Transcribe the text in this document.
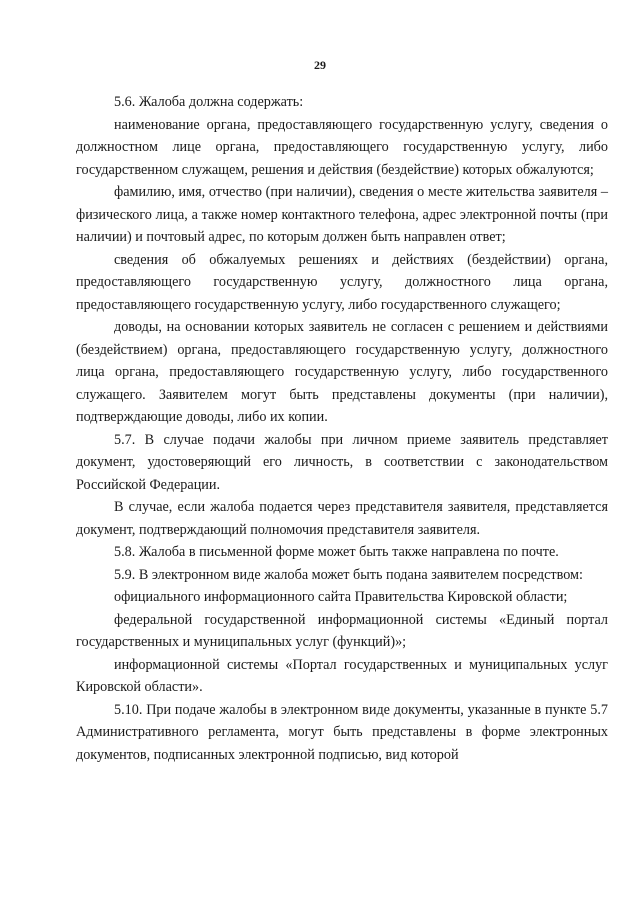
29

5.6. Жалоба должна содержать:

наименование органа, предоставляющего государственную услугу, сведения о должностном лице органа, предоставляющего государственную услугу, либо государственном служащем, решения и действия (бездействие) которых обжалуются;

фамилию, имя, отчество (при наличии), сведения о месте жительства заявителя – физического лица, а также номер контактного телефона, адрес электронной почты (при наличии) и почтовый адрес, по которым должен быть направлен ответ;

сведения об обжалуемых решениях и действиях (бездействии) органа, предоставляющего государственную услугу, должностного лица органа, предоставляющего государственную услугу, либо государственного служащего;

доводы, на основании которых заявитель не согласен с решением и действиями (бездействием) органа, предоставляющего государственную услугу, должностного лица органа, предоставляющего государственную услугу, либо государственного служащего. Заявителем могут быть представлены документы (при наличии), подтверждающие доводы, либо их копии.

5.7. В случае подачи жалобы при личном приеме заявитель представляет документ, удостоверяющий его личность, в соответствии с законодательством Российской Федерации.

В случае, если жалоба подается через представителя заявителя, представляется документ, подтверждающий полномочия представителя заявителя.

5.8. Жалоба в письменной форме может быть также направлена по почте.

5.9. В электронном виде жалоба может быть подана заявителем посредством:

официального информационного сайта Правительства Кировской области;

федеральной государственной информационной системы «Единый портал государственных и муниципальных услуг (функций)»;

информационной системы «Портал государственных и муниципальных услуг Кировской области».

5.10. При подаче жалобы в электронном виде документы, указанные в пункте 5.7 Административного регламента, могут быть представлены в форме электронных документов, подписанных электронной подписью, вид которой
